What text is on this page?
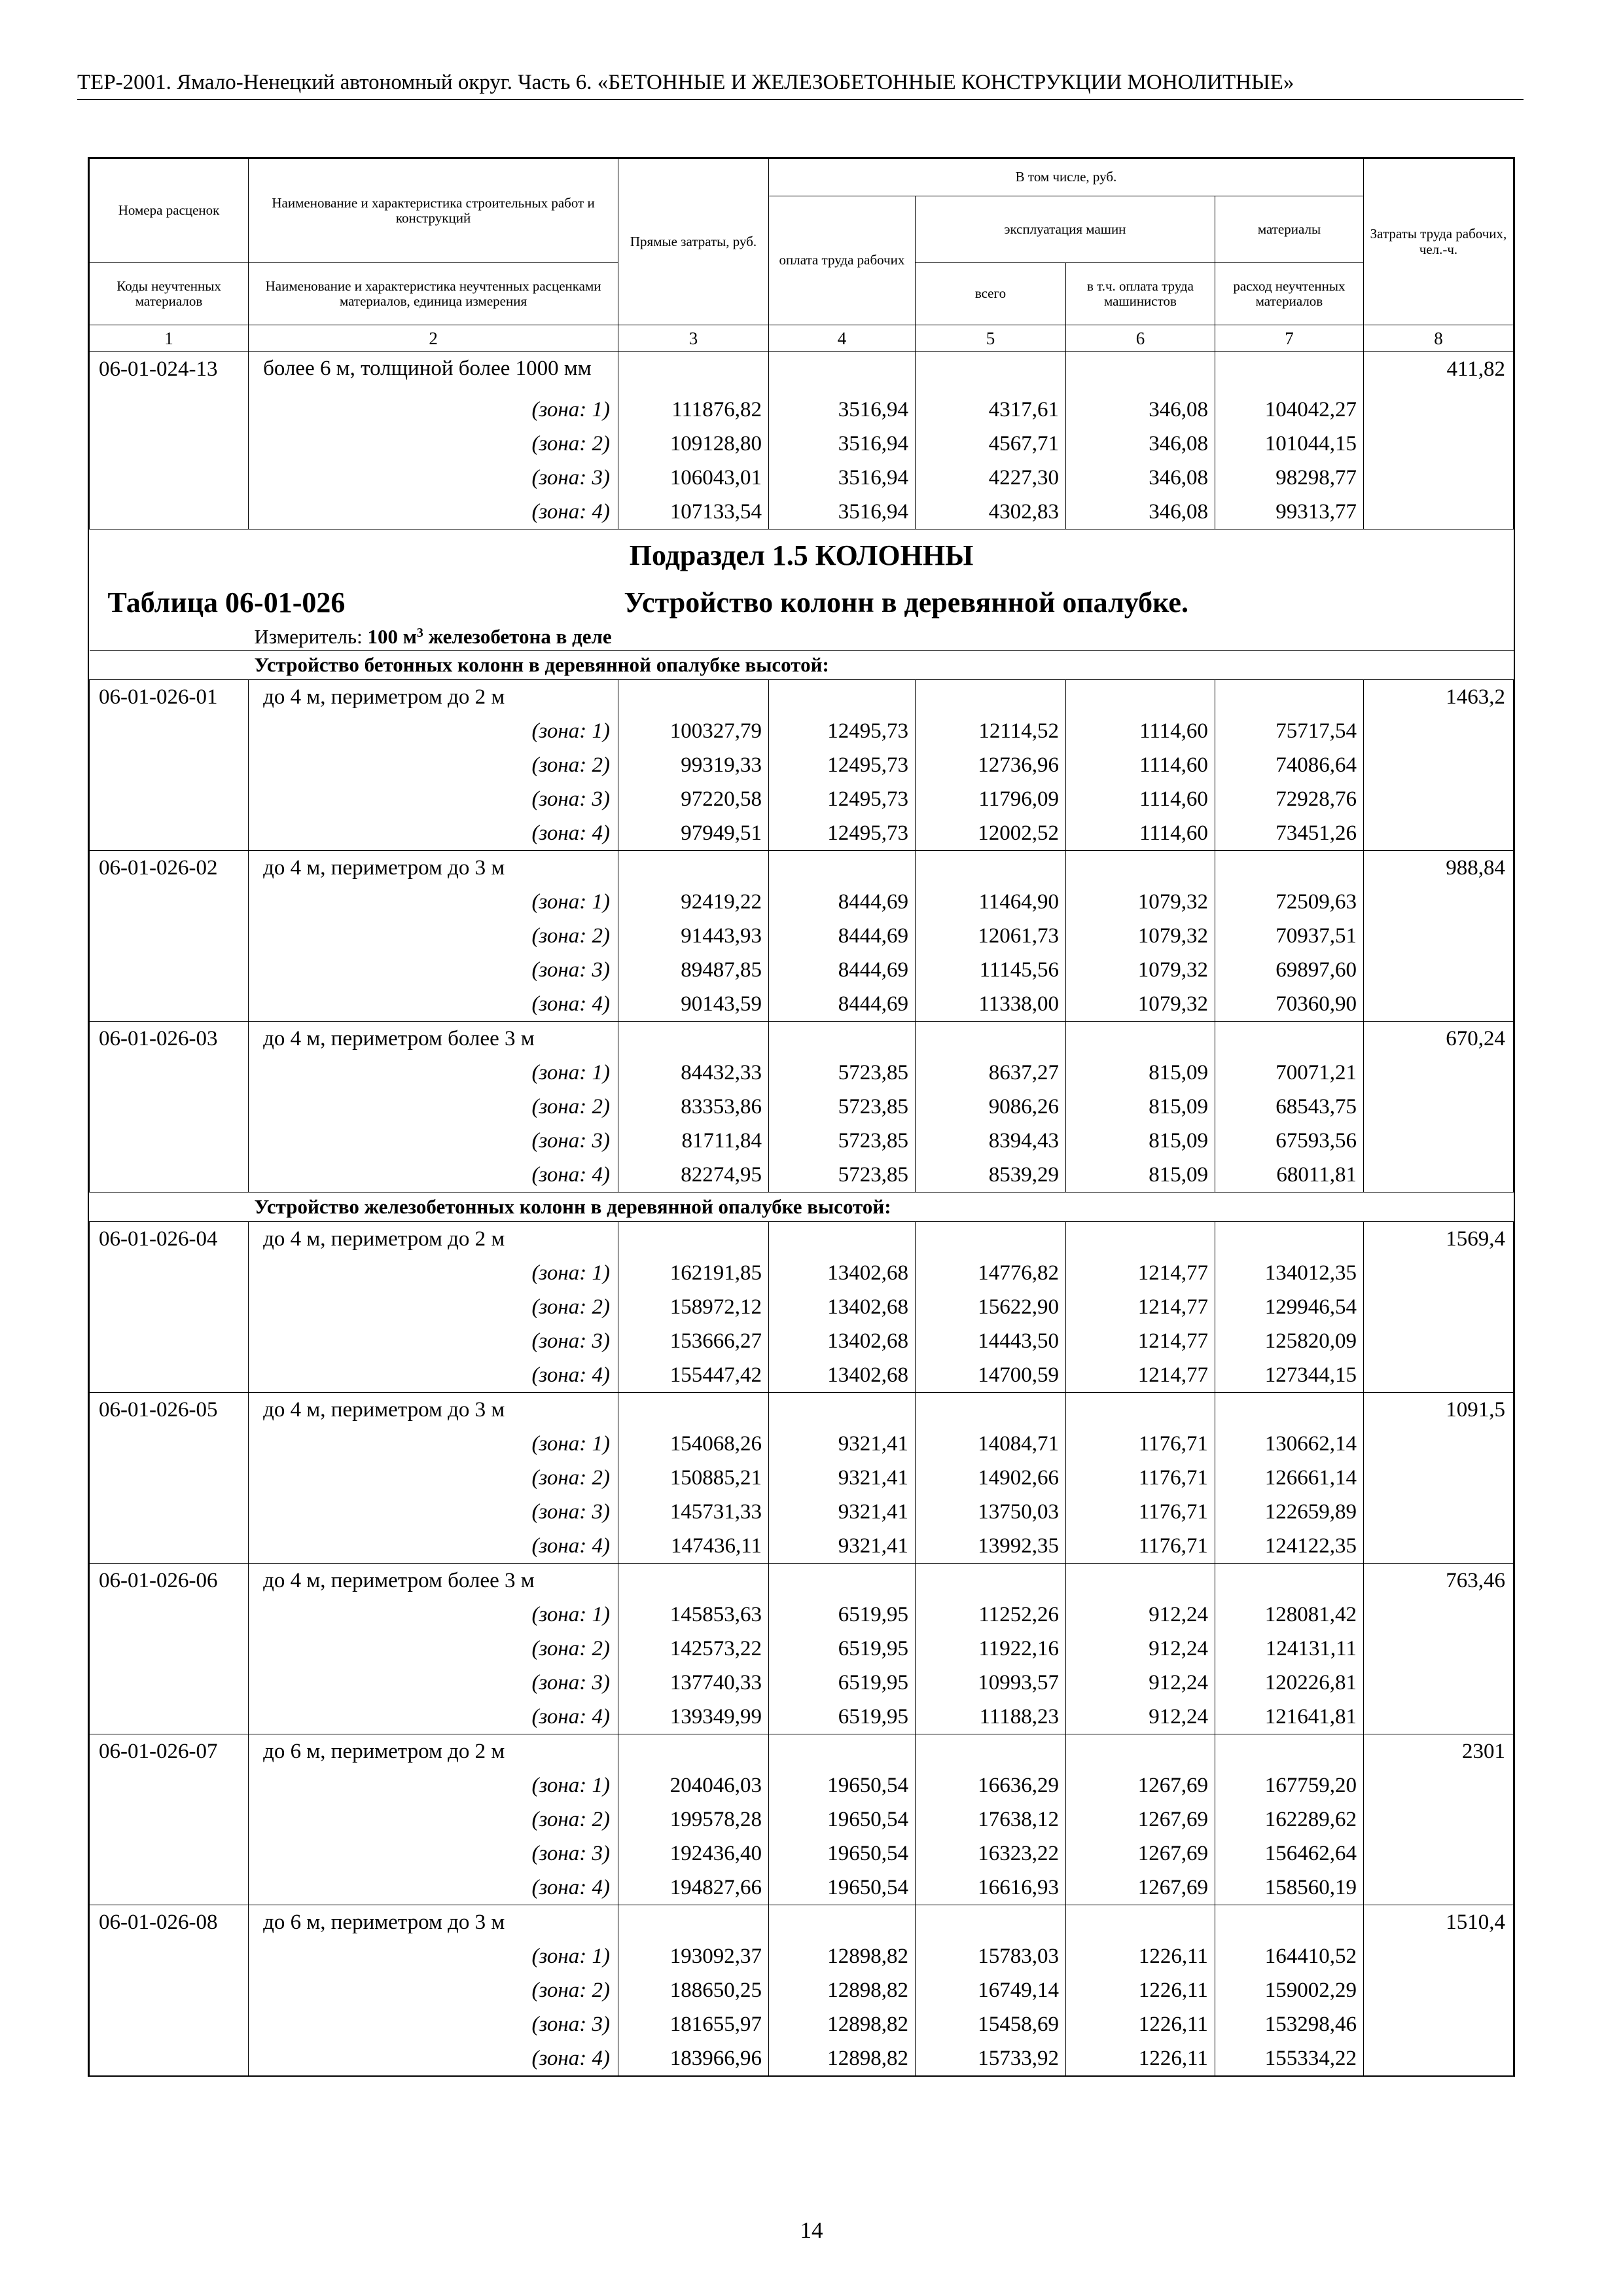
ТЕР-2001. Ямало-Ненецкий автономный округ. Часть 6. «БЕТОННЫЕ И ЖЕЛЕЗОБЕТОННЫЕ КОНСТРУКЦИИ МОНОЛИТНЫЕ»
Номера расценок	Наименование и характеристика строительных работ и конструкций	Прямые затраты, руб.	В том числе, руб.				Затраты труда рабочих, чел.-ч.
			оплата труда рабочих	эксплуатация машин		материалы	
Коды неучтенных материалов	Наименование и характеристика неучтенных расценками материалов, единица измерения			всего	в т.ч. оплата труда машинистов	расход неучтенных материалов	
1	2	3	4	5	6	7	8
06-01-024-13	более 6 м, толщиной более 1000 мм						411,82
	(зона: 1)	111876,82	3516,94	4317,61	346,08	104042,27	
	(зона: 2)	109128,80	3516,94	4567,71	346,08	101044,15	
	(зона: 3)	106043,01	3516,94	4227,30	346,08	98298,77	
	(зона: 4)	107133,54	3516,94	4302,83	346,08	99313,77	
Подраздел 1.5 КОЛОННЫ							
Таблица 06-01-026		Устройство колонн в деревянной опалубке.					
Измеритель: 100 $м^3$ железобетона в деле							
Устройство бетонных колонн в деревянной опалубке высотой:							
06-01-026-01	до 4 м, периметром до 2 м						1463,2
	(зона: 1)	100327,79	12495,73	12114,52	1114,60	75717,54	
	(зона: 2)	99319,33	12495,73	12736,96	1114,60	74086,64	
	(зона: 3)	97220,58	12495,73	11796,09	1114,60	72928,76	
	(зона: 4)	97949,51	12495,73	12002,52	1114,60	73451,26	
06-01-026-02	до 4 м, периметром до 3 м						988,84
	(зона: 1)	92419,22	8444,69	11464,90	1079,32	72509,63	
	(зона: 2)	91443,93	8444,69	12061,73	1079,32	70937,51	
	(зона: 3)	89487,85	8444,69	11145,56	1079,32	69897,60	
	(зона: 4)	90143,59	8444,69	11338,00	1079,32	70360,90	
06-01-026-03	до 4 м, периметром более 3 м						670,24
	(зона: 1)	84432,33	5723,85	8637,27	815,09	70071,21	
	(зона: 2)	83353,86	5723,85	9086,26	815,09	68543,75	
	(зона: 3)	81711,84	5723,85	8394,43	815,09	67593,56	
	(зона: 4)	82274,95	5723,85	8539,29	815,09	68011,81	
Устройство железобетонных колонн в деревянной опалубке высотой:							
06-01-026-04	до 4 м, периметром до 2 м						1569,4
	(зона: 1)	162191,85	13402,68	14776,82	1214,77	134012,35	
	(зона: 2)	158972,12	13402,68	15622,90	1214,77	129946,54	
	(зона: 3)	153666,27	13402,68	14443,50	1214,77	125820,09	
	(зона: 4)	155447,42	13402,68	14700,59	1214,77	127344,15	
06-01-026-05	до 4 м, периметром до 3 м						1091,5
	(зона: 1)	154068,26	9321,41	14084,71	1176,71	130662,14	
	(зона: 2)	150885,21	9321,41	14902,66	1176,71	126661,14	
	(зона: 3)	145731,33	9321,41	13750,03	1176,71	122659,89	
	(зона: 4)	147436,11	9321,41	13992,35	1176,71	124122,35	
06-01-026-06	до 4 м, периметром более 3 м						763,46
	(зона: 1)	145853,63	6519,95	11252,26	912,24	128081,42	
	(зона: 2)	142573,22	6519,95	11922,16	912,24	124131,11	
	(зона: 3)	137740,33	6519,95	10993,57	912,24	120226,81	
	(зона: 4)	139349,99	6519,95	11188,23	912,24	121641,81	
06-01-026-07	до 6 м, периметром до 2 м						2301
	(зона: 1)	204046,03	19650,54	16636,29	1267,69	167759,20	
	(зона: 2)	199578,28	19650,54	17638,12	1267,69	162289,62	
	(зона: 3)	192436,40	19650,54	16323,22	1267,69	156462,64	
	(зона: 4)	194827,66	19650,54	16616,93	1267,69	158560,19	
06-01-026-08	до 6 м, периметром до 3 м						1510,4
	(зона: 1)	193092,37	12898,82	15783,03	1226,11	164410,52	
	(зона: 2)	188650,25	12898,82	16749,14	1226,11	159002,29	
	(зона: 3)	181655,97	12898,82	15458,69	1226,11	153298,46	
	(зона: 4)	183966,96	12898,82	15733,92	1226,11	155334,22	
14
